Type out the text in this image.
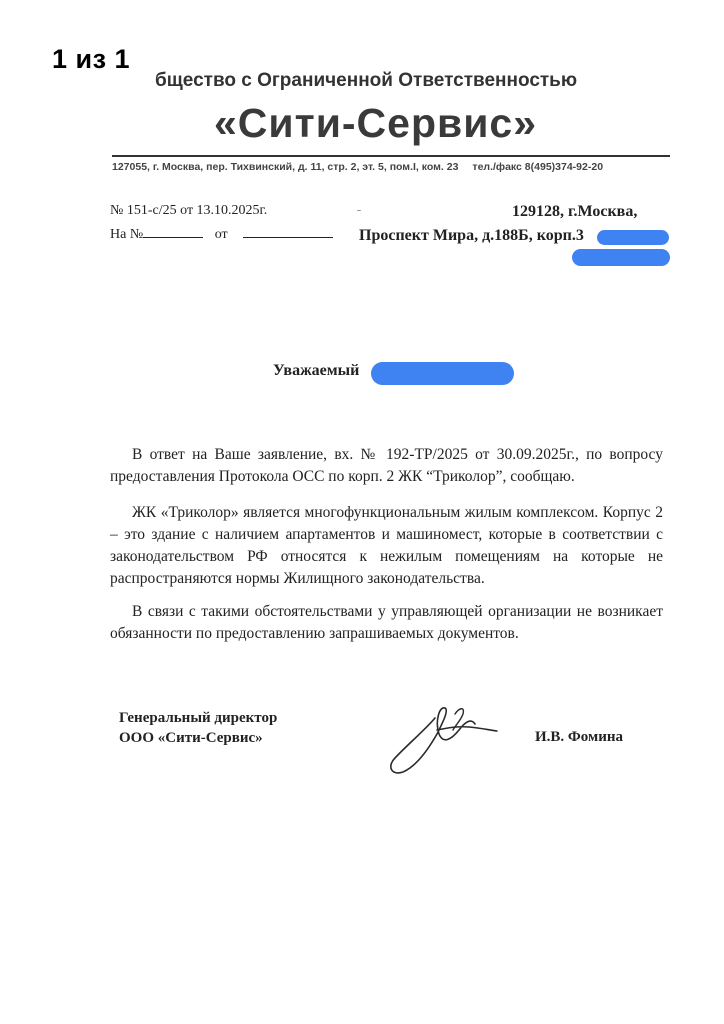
1 из 1
бщество с Ограниченной Ответственностью
«Сити-Сервис»
127055, г. Москва, пер. Тихвинский, д. 11, стр. 2, эт. 5, пом.I, ком. 23 тел./факс 8(495)374-92-20
№ 151-с/25 от 13.10.2025г.
На №	от
ˉ	129128, г.Москва,
Проспект Мира, д.188Б, корп.3
Уважаемый

В ответ на Ваше заявление, вх. № 192-ТР/2025 от 30.09.2025г., по вопросу предоставления Протокола ОСС по корп. 2 ЖК “Триколор”, сообщаю.

ЖК «Триколор» является многофункциональным жилым комплексом. Корпус 2 – это здание с наличием апартаментов и машиномест, которые в соответствии с законодательством РФ относятся к нежилым помещениям на которые не распространяются нормы Жилищного законодательства.

В связи с такими обстоятельствами у управляющей организации не возникает обязанности по предоставлению запрашиваемых документов.

Генеральный директор
ООО «Сити-Сервис»	И.В. Фомина
